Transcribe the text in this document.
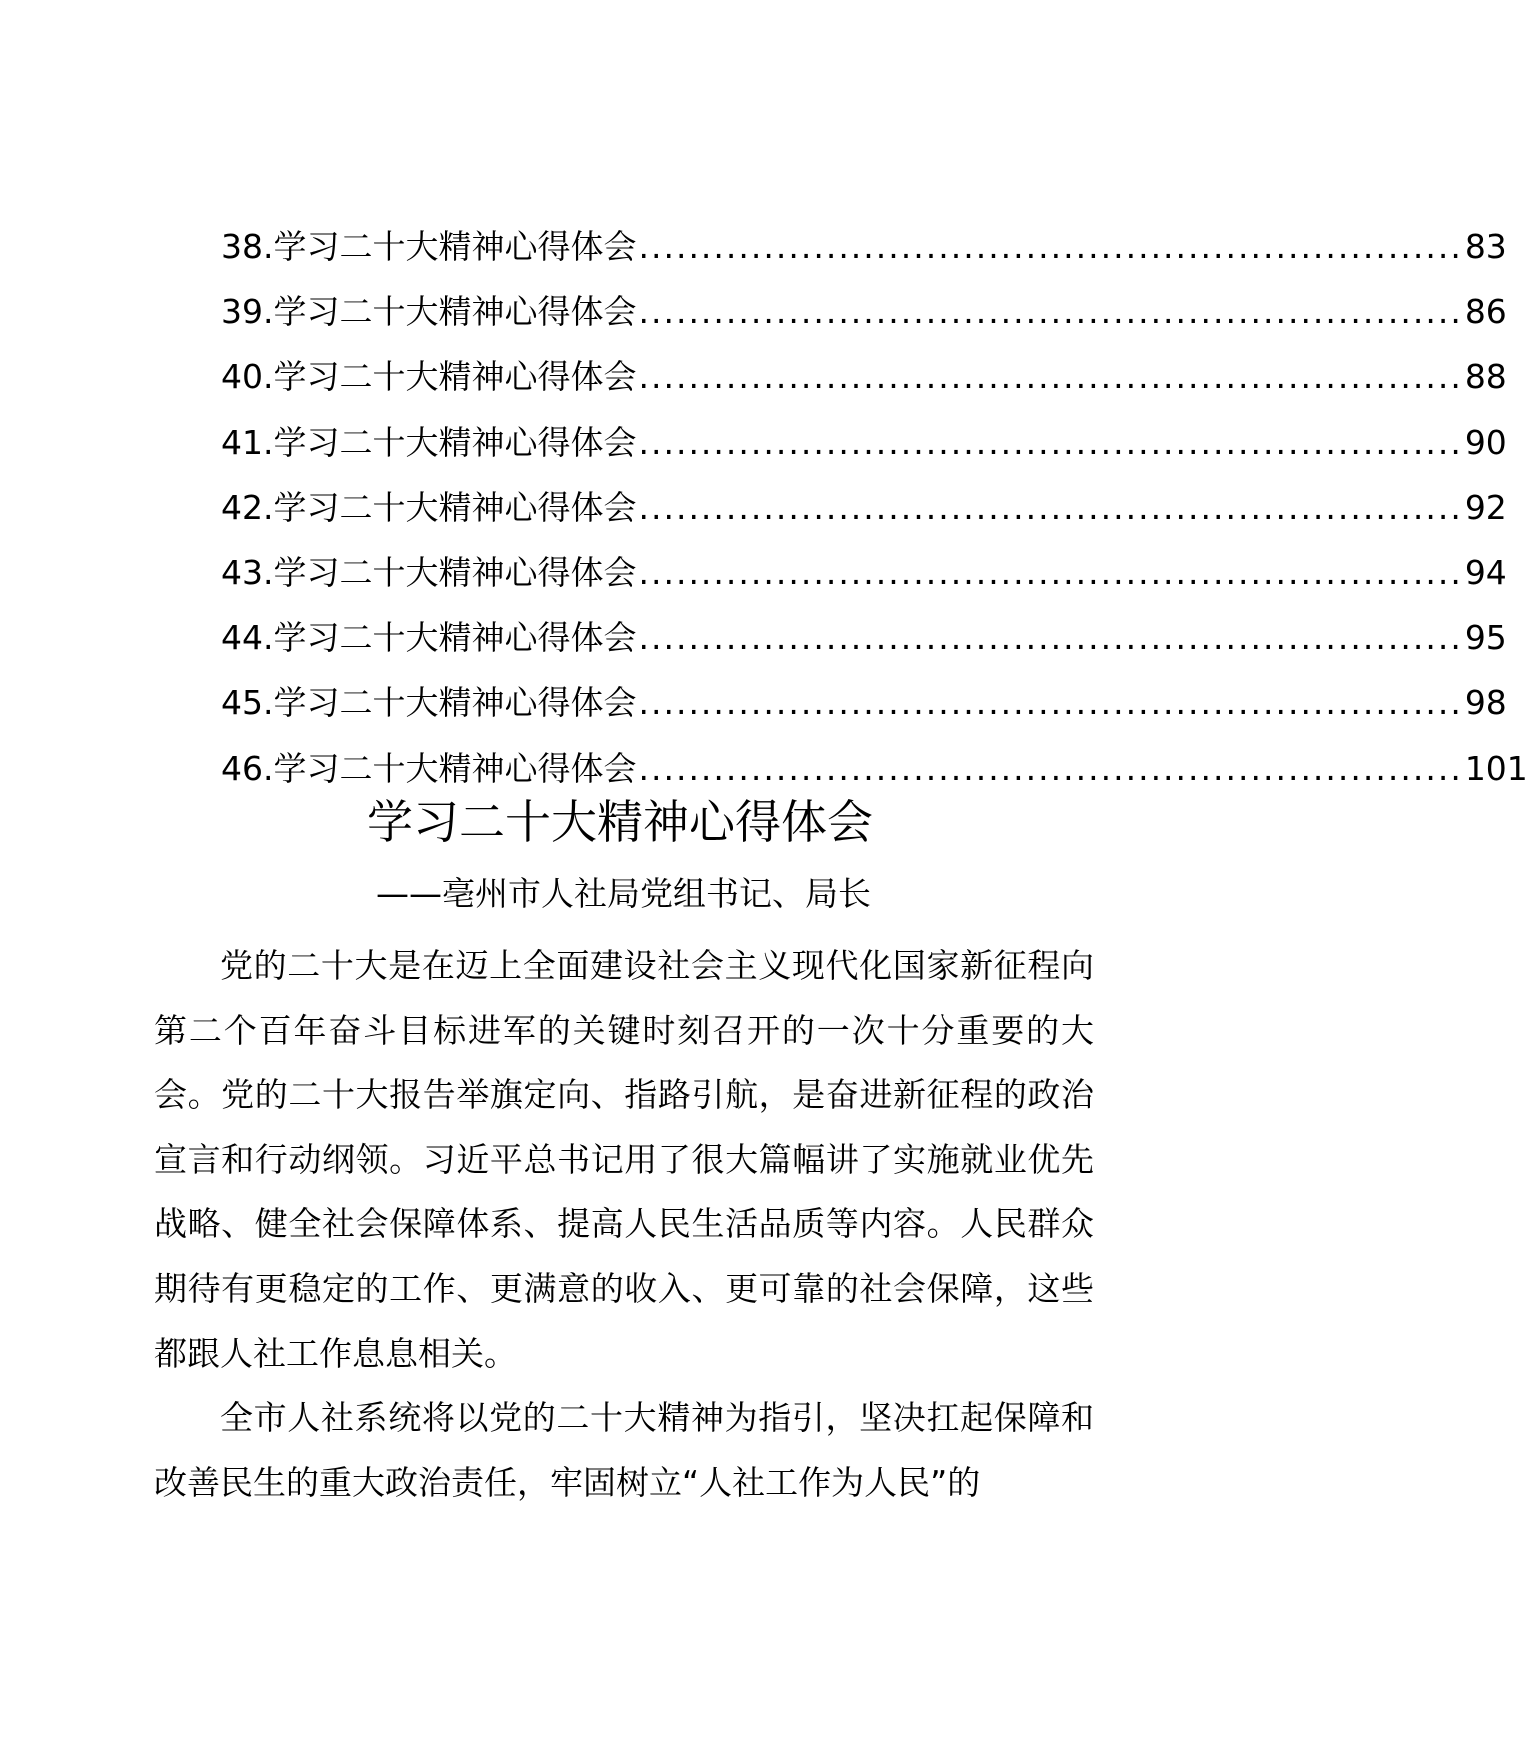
38.学习二十大精神心得体会 .................................................................. 83
39.学习二十大精神心得体会 .................................................................. 86
40.学习二十大精神心得体会 .................................................................. 88
41.学习二十大精神心得体会 .................................................................. 90
42.学习二十大精神心得体会 .................................................................. 92
43.学习二十大精神心得体会 .................................................................. 94
44.学习二十大精神心得体会 .................................................................. 95
45.学习二十大精神心得体会 .................................................................. 98
46.学习二十大精神心得体会 .................................................................. 101
学习二十大精神心得体会
——亳州市人社局党组书记、局长

党的二十大是在迈上全面建设社会主义现代化国家新征程向第二个百年奋斗目标进军的关键时刻召开的一次十分重要的大会。党的二十大报告举旗定向、指路引航，是奋进新征程的政治宣言和行动纲领。习近平总书记用了很大篇幅讲了实施就业优先战略、健全社会保障体系、提高人民生活品质等内容。人民群众期待有更稳定的工作、更满意的收入、更可靠的社会保障，这些都跟人社工作息息相关。

全市人社系统将以党的二十大精神为指引，坚决扛起保障和改善民生的重大政治责任，牢固树立“人社工作为人民”的
